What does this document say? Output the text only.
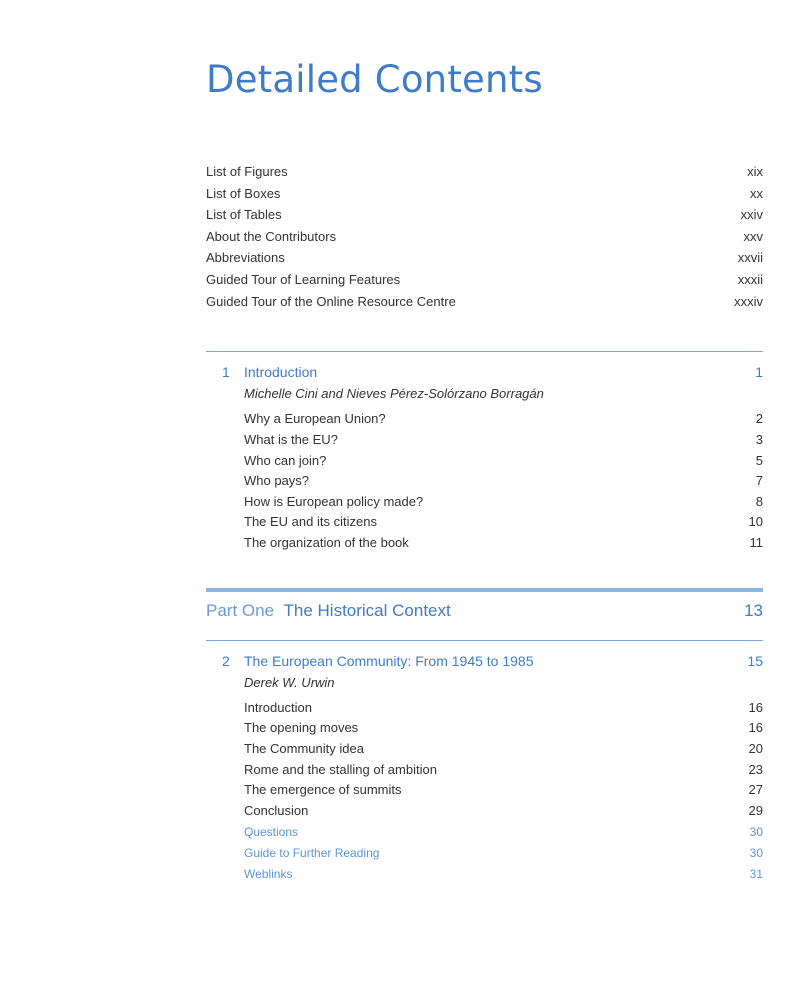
Detailed Contents
List of Figures	xix
List of Boxes	xx
List of Tables	xxiv
About the Contributors	xxv
Abbreviations	xxvii
Guided Tour of Learning Features	xxxii
Guided Tour of the Online Resource Centre	xxxiv
1 Introduction	1
Michelle Cini and Nieves Pérez-Solórzano Borragán
Why a European Union?	2
What is the EU?	3
Who can join?	5
Who pays?	7
How is European policy made?	8
The EU and its citizens	10
The organization of the book	11
Part One The Historical Context	13
2 The European Community: From 1945 to 1985	15
Derek W. Urwin
Introduction	16
The opening moves	16
The Community idea	20
Rome and the stalling of ambition	23
The emergence of summits	27
Conclusion	29
Questions	30
Guide to Further Reading	30
Weblinks	31
